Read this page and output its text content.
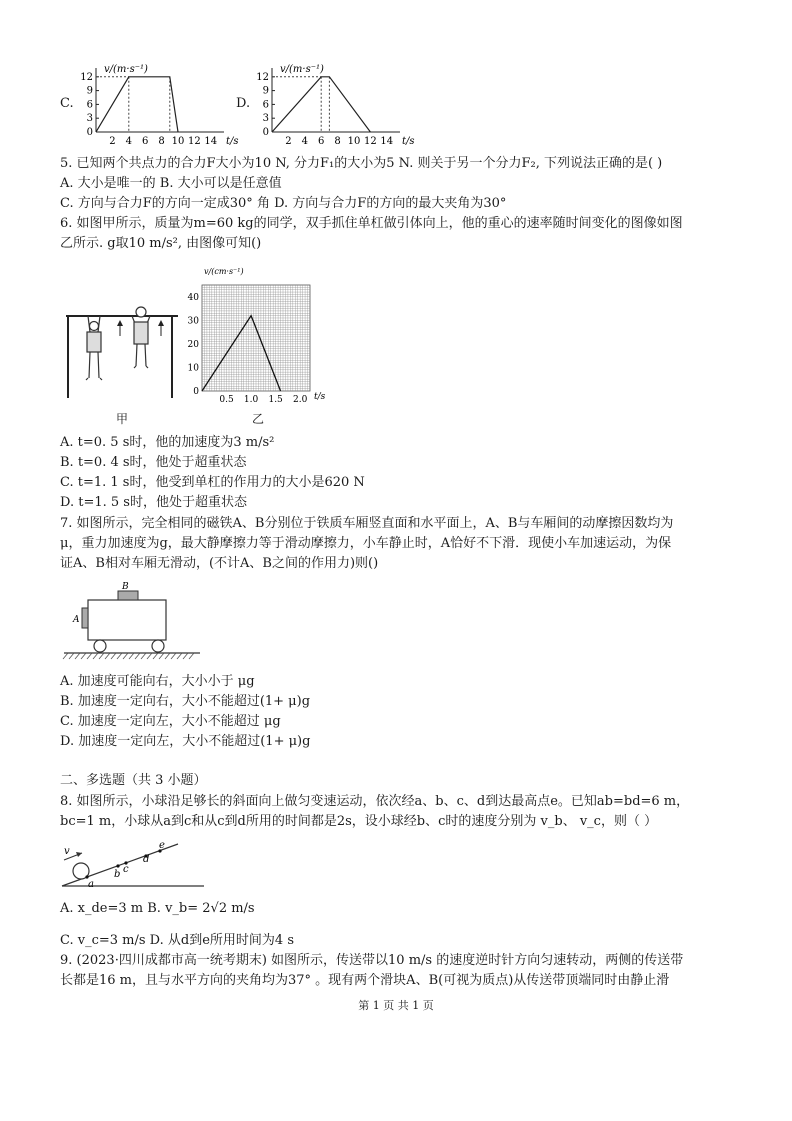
C.
v/(m·s⁻¹)
12
9
6
3
0
2 4 6 8 10 12 14 t/s
D.
v/(m·s⁻¹)
12
9
6
3
0
2 4 6 8 10 12 14 t/s
5. 已知两个共点力的合力F大小为10 N, 分力F₁的大小为5 N. 则关于另一个分力F₂, 下列说法正确的是( )
A. 大小是唯一的 B. 大小可以是任意值
C. 方向与合力F的方向一定成30° 角 D. 方向与合力F的方向的最大夹角为30°
6. 如图甲所示，质量为m=60 kg的同学，双手抓住单杠做引体向上，他的重心的速率随时间变化的图像如图
乙所示. g取10 m/s², 由图像可知()
甲
v/(cm·s⁻¹)
40
30
20
10
0
0.5 1.0 1.5 2.0 t/s
乙
A. t=0. 5 s时，他的加速度为3 m/s²
B. t=0. 4 s时，他处于超重状态
C. t=1. 1 s时，他受到单杠的作用力的大小是620 N
D. t=1. 5 s时，他处于超重状态
7. 如图所示，完全相同的磁铁A、B分别位于铁质车厢竖直面和水平面上，A、B与车厢间的动摩擦因数均为
μ，重力加速度为g，最大静摩擦力等于滑动摩擦力，小车静止时，A恰好不下滑．现使小车加速运动，为保
证A、B相对车厢无滑动，(不计A、B之间的作用力)则()
B
A
A. 加速度可能向右，大小小于 μg
B. 加速度一定向右，大小不能超过(1+ μ)g
C. 加速度一定向左，大小不能超过 μg
D. 加速度一定向左，大小不能超过(1+ μ)g
二、多选题（共 3 小题）
8. 如图所示，小球沿足够长的斜面向上做匀变速运动，依次经a、b、c、d到达最高点e。已知ab=bd=6 m，
bc=1 m，小球从a到c和从c到d所用的时间都是2s，设小球经b、c时的速度分别为 v_b、 v_c，则（ ）
v
a
b c
d
e
A. x_de=3 m B. v_b= 2√2 m/s
C. v_c=3 m/s D. 从d到e所用时间为4 s
9. (2023·四川成都市高一统考期末) 如图所示，传送带以10 m/s 的速度逆时针方向匀速转动，两侧的传送带
长都是16 m，且与水平方向的夹角均为37° 。现有两个滑块A、B(可视为质点)从传送带顶端同时由静止滑
第 1 页 共 1 页
